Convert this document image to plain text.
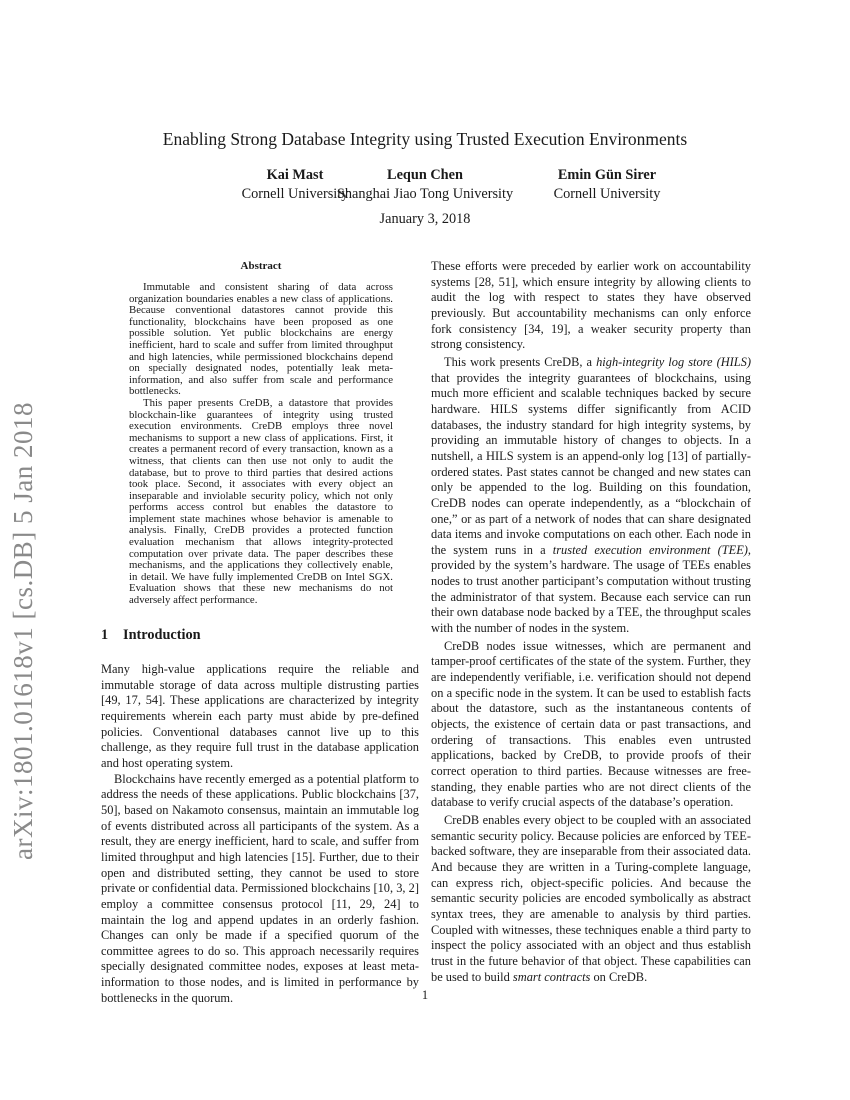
arXiv:1801.01618v1 [cs.DB] 5 Jan 2018
Enabling Strong Database Integrity using Trusted Execution Environments
Kai Mast
Cornell University
Lequn Chen
Shanghai Jiao Tong University
Emin Gün Sirer
Cornell University
January 3, 2018
Abstract

Immutable and consistent sharing of data across organization boundaries enables a new class of applications. Because conventional datastores cannot provide this functionality, blockchains have been proposed as one possible solution. Yet public blockchains are energy inefficient, hard to scale and suffer from limited throughput and high latencies, while permissioned blockchains depend on specially designated nodes, potentially leak meta-information, and also suffer from scale and performance bottlenecks.

This paper presents CreDB, a datastore that provides blockchain-like guarantees of integrity using trusted execution environments. CreDB employs three novel mechanisms to support a new class of applications. First, it creates a permanent record of every transaction, known as a witness, that clients can then use not only to audit the database, but to prove to third parties that desired actions took place. Second, it associates with every object an inseparable and inviolable security policy, which not only performs access control but enables the datastore to implement state machines whose behavior is amenable to analysis. Finally, CreDB provides a protected function evaluation mechanism that allows integrity-protected computation over private data. The paper describes these mechanisms, and the applications they collectively enable, in detail. We have fully implemented CreDB on Intel SGX. Evaluation shows that these new mechanisms do not adversely affect performance.

1 Introduction

Many high-value applications require the reliable and immutable storage of data across multiple distrusting parties [49, 17, 54]. These applications are characterized by integrity requirements wherein each party must abide by pre-defined policies. Conventional databases cannot live up to this challenge, as they require full trust in the database application and host operating system.

Blockchains have recently emerged as a potential platform to address the needs of these applications. Public blockchains [37, 50], based on Nakamoto consensus, maintain an immutable log of events distributed across all participants of the system. As a result, they are energy inefficient, hard to scale, and suffer from limited throughput and high latencies [15]. Further, due to their open and distributed setting, they cannot be used to store private or confidential data. Permissioned blockchains [10, 3, 2] employ a committee consensus protocol [11, 29, 24] to maintain the log and append updates in an orderly fashion. Changes can only be made if a specified quorum of the committee agrees to do so. This approach necessarily requires specially designated committee nodes, exposes at least meta-information to those nodes, and is limited in performance by bottlenecks in the quorum.

These efforts were preceded by earlier work on accountability systems [28, 51], which ensure integrity by allowing clients to audit the log with respect to states they have observed previously. But accountability mechanisms can only enforce fork consistency [34, 19], a weaker security property than strong consistency.

This work presents CreDB, a high-integrity log store (HILS) that provides the integrity guarantees of blockchains, using much more efficient and scalable techniques backed by secure hardware. HILS systems differ significantly from ACID databases, the industry standard for high integrity systems, by providing an immutable history of changes to objects. In a nutshell, a HILS system is an append-only log [13] of partially-ordered states. Past states cannot be changed and new states can only be appended to the log. Building on this foundation, CreDB nodes can operate independently, as a “blockchain of one,” or as part of a network of nodes that can share designated data items and invoke computations on each other. Each node in the system runs in a trusted execution environment (TEE), provided by the system’s hardware. The usage of TEEs enables nodes to trust another participant’s computation without trusting the administrator of that system. Because each service can run their own database node backed by a TEE, the throughput scales with the number of nodes in the system.

CreDB nodes issue witnesses, which are permanent and tamper-proof certificates of the state of the system. Further, they are independently verifiable, i.e. verification should not depend on a specific node in the system. It can be used to establish facts about the datastore, such as the instantaneous contents of objects, the existence of certain data or past transactions, and ordering of transactions. This enables even untrusted applications, backed by CreDB, to provide proofs of their correct operation to third parties. Because witnesses are free-standing, they enable parties who are not direct clients of the database to verify crucial aspects of the database’s operation.

CreDB enables every object to be coupled with an associated semantic security policy. Because policies are enforced by TEE-backed software, they are inseparable from their associated data. And because they are written in a Turing-complete language, can express rich, object-specific policies. And because the semantic security policies are encoded symbolically as abstract syntax trees, they are amenable to analysis by third parties. Coupled with witnesses, these techniques enable a third party to inspect the policy associated with an object and thus establish trust in the future behavior of that object. These capabilities can be used to build smart contracts on CreDB.

1
